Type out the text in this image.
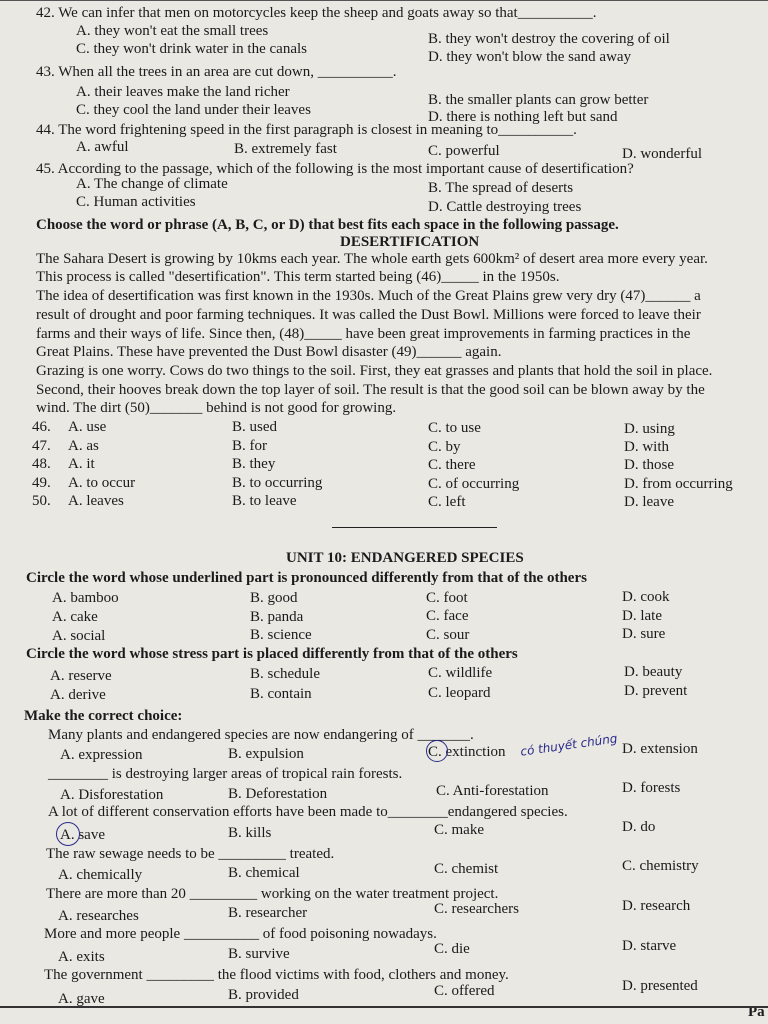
42. We can infer that men on motorcycles keep the sheep and goats away so that__________.
A. they won't eat the small trees	B. they won't destroy the covering of oil
C. they won't drink water in the canals	D. they won't blow the sand away
43. When all the trees in an area are cut down, __________.
A. their leaves make the land richer	B. the smaller plants can grow better
C. they cool the land under their leaves	D. there is nothing left but sand
44. The word frightening speed in the first paragraph is closest in meaning to__________.
A. awful	B. extremely fast	C. powerful	D. wonderful
45. According to the passage, which of the following is the most important cause of desertification?
A. The change of climate	B. The spread of deserts
C. Human activities	D. Cattle destroying trees
Choose the word or phrase (A, B, C, or D) that best fits each space in the following passage.
DESERTIFICATION
The Sahara Desert is growing by 10kms each year. The whole earth gets 600km² of desert area more every year.
This process is called "desertification". This term started being (46)_____ in the 1950s.
The idea of desertification was first known in the 1930s. Much of the Great Plains grew very dry (47)______ a
result of drought and poor farming techniques. It was called the Dust Bowl. Millions were forced to leave their
farms and their ways of life. Since then, (48)_____ have been great improvements in farming practices in the
Great Plains. These have prevented the Dust Bowl disaster (49)______ again.
Grazing is one worry. Cows do two things to the soil. First, they eat grasses and plants that hold the soil in place.
Second, their hooves break down the top layer of soil. The result is that the good soil can be blown away by the
wind. The dirt (50)_______ behind is not good for growing.
46. A. use	B. used	C. to use	D. using
47. A. as	B. for	C. by	D. with
48. A. it	B. they	C. there	D. those
49. A. to occur	B. to occurring	C. of occurring	D. from occurring
50. A. leaves	B. to leave	C. left	D. leave
UNIT 10: ENDANGERED SPECIES
Circle the word whose underlined part is pronounced differently from that of the others
A. bamboo	B. good	C. foot	D. cook
A. cake	B. panda	C. face	D. late
A. social	B. science	C. sour	D. sure
Circle the word whose stress part is placed differently from that of the others
A. reserve	B. schedule	C. wildlife	D. beauty
A. derive	B. contain	C. leopard	D. prevent
Make the correct choice:
Many plants and endangered species are now endangering of _______.
A. expression	B. expulsion	C. extinction	D. extension
________ is destroying larger areas of tropical rain forests.
A. Disforestation	B. Deforestation	C. Anti-forestation	D. forests
A lot of different conservation efforts have been made to________endangered species.
A. save	B. kills	C. make	D. do
The raw sewage needs to be _________ treated.
A. chemically	B. chemical	C. chemist	C. chemistry
There are more than 20 _________ working on the water treatment project.
A. researches	B. researcher	C. researchers	D. research
More and more people __________ of food poisoning nowadays.
A. exits	B. survive	C. die	D. starve
The government _________ the flood victims with food, clothers and money.
A. gave	B. provided	C. offered	D. presented
Pa
có thuyết chúng
